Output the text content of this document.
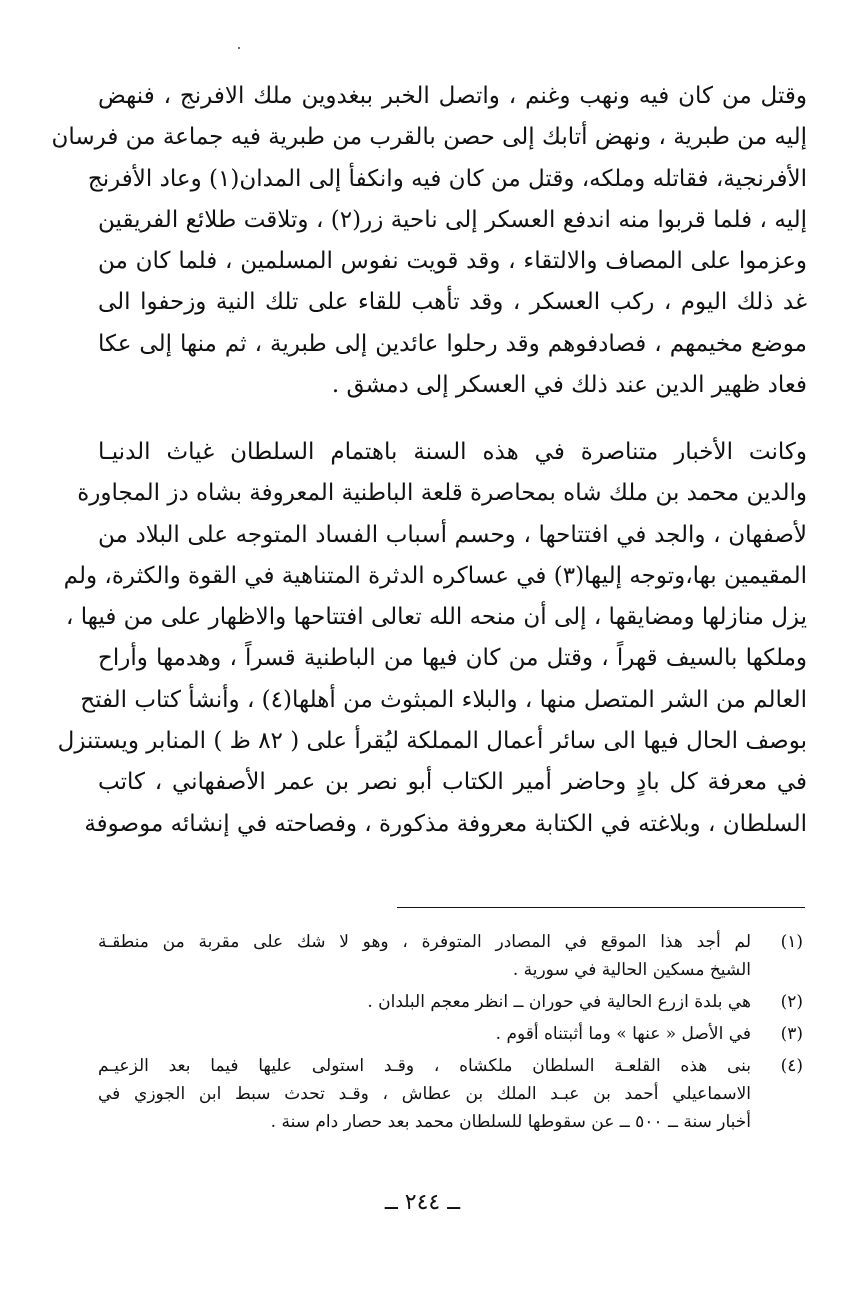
وقتل من كان فيه ونهب وغنم ، واتصل الخبر ببغدوين ملك الافرنج ، فنهض
إليه من طبرية ، ونهض أتابك إلى حصن بالقرب من طبرية فيه جماعة من فرسان
الأفرنجية، فقاتله وملكه، وقتل من كان فيه وانكفأ إلى المدان(١) وعاد الأفرنج
إليه ، فلما قربوا منه اندفع العسكر إلى ناحية زر(٢) ، وتلاقت طلائع الفريقين
وعزموا على المصاف والالتقاء ، وقد قويت نفوس المسلمين ، فلما كان من
غد ذلك اليوم ، ركب العسكر ، وقد تأهب للقاء على تلك النية وزحفوا الى
موضع مخيمهم ، فصادفوهم وقد رحلوا عائدين إلى طبرية ، ثم منها إلى عكا
فعاد ظهير الدين عند ذلك في العسكر إلى دمشق .
وكانت الأخبار متناصرة في هذه السنة باهتمام السلطان غياث الدنيـا
والدين محمد بن ملك شاه بمحاصرة قلعة الباطنية المعروفة بشاه دز المجاورة
لأصفهان ، والجد في افتتاحها ، وحسم أسباب الفساد المتوجه على البلاد من
المقيمين بها،وتوجه إليها(٣) في عساكره الدثرة المتناهية في القوة والكثرة، ولم
يزل منازلها ومضايقها ، إلى أن منحه الله تعالى افتتاحها والاظهار على من فيها ،
وملكها بالسيف قهراً ، وقتل من كان فيها من الباطنية قسراً ، وهدمها وأراح
العالم من الشر المتصل منها ، والبلاء المبثوث من أهلها(٤) ، وأنشأ كتاب الفتح
بوصف الحال فيها الى سائر أعمال المملكة ليُقرأ على ( ٨٢ ظ ) المنابر ويستنزل
في معرفة كل بادٍ وحاضر أمير الكتاب أبو نصر بن عمر الأصفهاني ، كاتب
السلطان ، وبلاغته في الكتابة معروفة مذكورة ، وفصاحته في إنشائه موصوفة
(١)
لم أجد هذا الموقع في المصادر المتوفرة ، وهو لا شك على مقربة من منطقـة
الشيخ مسكين الحالية في سورية .
(٢)
هي بلدة ازرع الحالية في حوران ــ انظر معجم البلدان .
(٣)
في الأصل « عنها » وما أثبتناه أقوم .
(٤)
بنى هذه القلعـة السلطان ملكشاه ، وقـد استولى عليها فيما بعد الزعيـم
الاسماعيلي أحمد بن عبـد الملك بن عطاش ، وقـد تحدث سبط ابن الجوزي في
أخبار سنة ــ ٥٠٠ ــ عن سقوطها للسلطان محمد بعد حصار دام سنة .
ــ ٢٤٤ ــ
